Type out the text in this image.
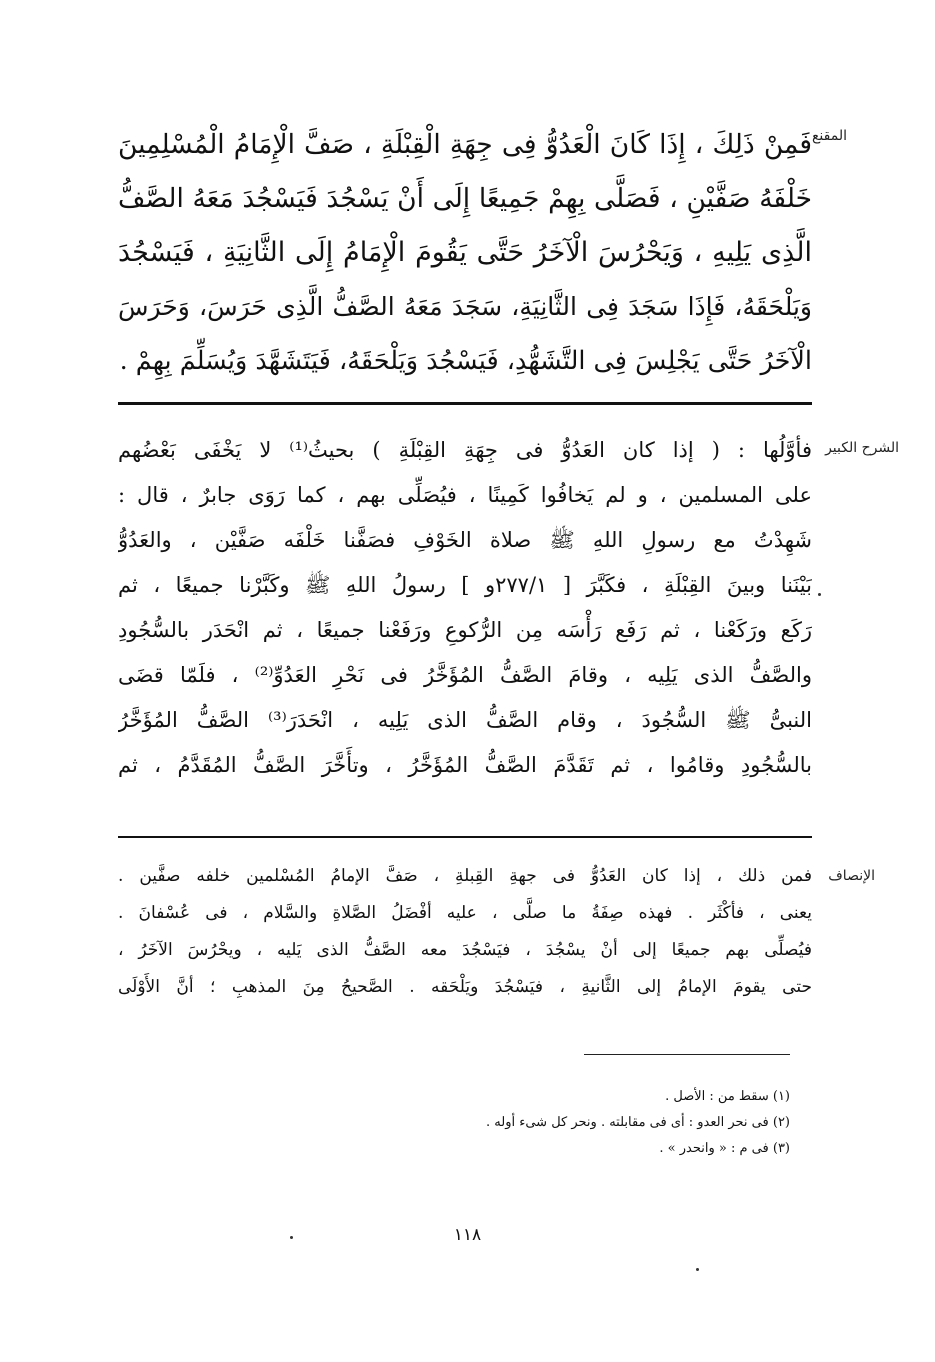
المقنع
فَمِنْ ذَلِكَ ، إِذَا كَانَ الْعَدُوُّ فِى جِهَةِ الْقِبْلَةِ ، صَفَّ الْإِمَامُ الْمُسْلِمِينَ
خَلْفَهُ صَفَّيْنِ ، فَصَلَّى بِهِمْ جَمِيعًا إِلَى أَنْ يَسْجُدَ فَيَسْجُدَ مَعَهُ الصَّفُّ
الَّذِى يَلِيهِ ، وَيَحْرُسَ الْآخَرُ حَتَّى يَقُومَ الْإِمَامُ إِلَى الثَّانِيَةِ ، فَيَسْجُدَ
وَيَلْحَقَهُ، فَإِذَا سَجَدَ فِى الثَّانِيَةِ، سَجَدَ مَعَهُ الصَّفُّ الَّذِى حَرَسَ، وَحَرَسَ
الْآخَرُ حَتَّى يَجْلِسَ فِى التَّشَهُّدِ، فَيَسْجُدَ وَيَلْحَقَهُ، فَيَتَشَهَّدَ وَيُسَلِّمَ بِهِمْ .
الشرح الكبير
فأوَّلُها : ( إذا كان العَدُوُّ فى جِهَةِ القِبْلَةِ ) بحيثُ⁽¹⁾ لا يَخْفَى بَعْضُهم
على المسلمين ، و لم يَخافُوا كَمِينًا ، فيُصَلِّى بهم ، كما رَوَى جابرٌ ، قال :
شَهِدْتُ مع رسولِ اللهِ ﷺ صلاة الخَوْفِ فصَفَّنا خَلْفَه صَفَّيْن ، والعَدُوُّ
بَيْنَنا وبينَ القِبْلَةِ ، فكَبَّرَ [ ٢٧٧/١و ] رسولُ اللهِ ﷺ وكَبَّرْنا جميعًا ، ثم
رَكَع ورَكَعْنا ، ثم رَفَع رَأْسَه مِن الرُّكوعِ ورَفَعْنا جميعًا ، ثم انْحَدَر بالسُّجُودِ
والصَّفُّ الذى يَلِيه ، وقامَ الصَّفُّ المُؤَخَّرُ فى نَحْرِ العَدُوِّ⁽²⁾ ، فلَمّا قضَى
النبىُّ ﷺ السُّجُودَ ، وقام الصَّفُّ الذى يَلِيه ، انْحَدَرَ⁽³⁾ الصَّفُّ المُؤَخَّرُ
بالسُّجُودِ وقامُوا ، ثم تَقَدَّمَ الصَّفُّ المُؤَخَّرُ ، وتأَخَّرَ الصَّفُّ المُقَدَّمُ ، ثم
الإنصاف
فمن ذلك ، إذا كان العَدُوُّ فى جهةِ القِبلةِ ، صَفَّ الإمامُ المُسْلمين خلفه صفَّين .
يعنى ، فأكْثَر . فهذه صِفَةُ ما صلَّى ، عليه أفْضَلُ الصَّلاةِ والسَّلام ، فى عُسْفانَ .
فيُصلِّى بهم جميعًا إلى أنْ يسْجُدَ ، فيَسْجُدَ معه الصَّفُّ الذى يَليه ، ويحْرُسَ الآخَرُ ،
حتى يقومَ الإمامُ إلى الثَّانيةِ ، فيَسْجُدَ ويَلْحَقه . الصَّحيحُ مِنَ المذهبِ ؛ أنَّ الأَوْلَى
(١) سقط من : الأصل .
(٢) فى نحر العدو : أى فى مقابلته . ونحر كل شىء أوله .
(٣) فى م : « وانحدر » .
١١٨
